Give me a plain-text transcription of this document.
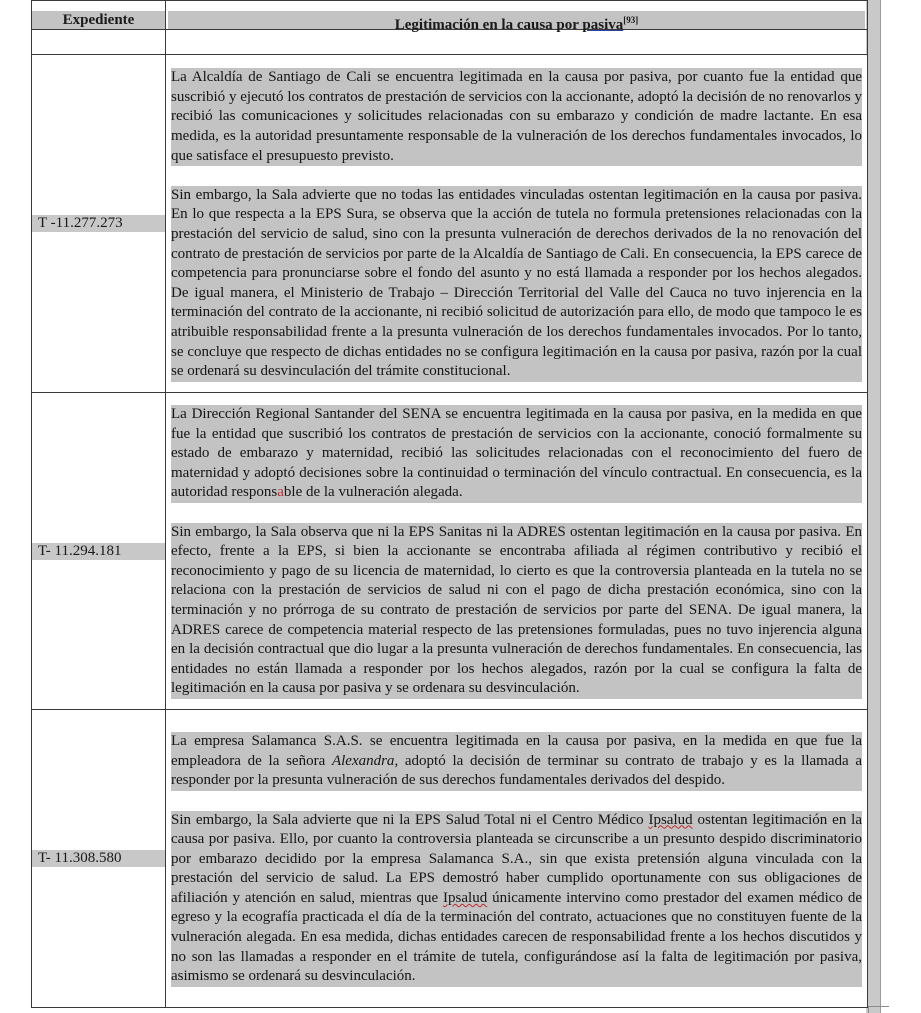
Expediente	Legitimación en la causa por pasiva[93]

T -11.277.273	La Alcaldía de Santiago de Cali se encuentra legitimada en la causa por pasiva, por cuanto fue la entidad que suscribió y ejecutó los contratos de prestación de servicios con la accionante, adoptó la decisión de no renovarlos y recibió las comunicaciones y solicitudes relacionadas con su embarazo y condición de madre lactante. En esa medida, es la autoridad presuntamente responsable de la vulneración de los derechos fundamentales invocados, lo que satisface el presupuesto previsto.

Sin embargo, la Sala advierte que no todas las entidades vinculadas ostentan legitimación en la causa por pasiva. En lo que respecta a la EPS Sura, se observa que la acción de tutela no formula pretensiones relacionadas con la prestación del servicio de salud, sino con la presunta vulneración de derechos derivados de la no renovación del contrato de prestación de servicios por parte de la Alcaldía de Santiago de Cali. En consecuencia, la EPS carece de competencia para pronunciarse sobre el fondo del asunto y no está llamada a responder por los hechos alegados. De igual manera, el Ministerio de Trabajo – Dirección Territorial del Valle del Cauca no tuvo injerencia en la terminación del contrato de la accionante, ni recibió solicitud de autorización para ello, de modo que tampoco le es atribuible responsabilidad frente a la presunta vulneración de los derechos fundamentales invocados. Por lo tanto, se concluye que respecto de dichas entidades no se configura legitimación en la causa por pasiva, razón por la cual se ordenará su desvinculación del trámite constitucional.

T- 11.294.181	La Dirección Regional Santander del SENA se encuentra legitimada en la causa por pasiva, en la medida en que fue la entidad que suscribió los contratos de prestación de servicios con la accionante, conoció formalmente su estado de embarazo y maternidad, recibió las solicitudes relacionadas con el reconocimiento del fuero de maternidad y adoptó decisiones sobre la continuidad o terminación del vínculo contractual. En consecuencia, es la autoridad responsable de la vulneración alegada.

Sin embargo, la Sala observa que ni la EPS Sanitas ni la ADRES ostentan legitimación en la causa por pasiva. En efecto, frente a la EPS, si bien la accionante se encontraba afiliada al régimen contributivo y recibió el reconocimiento y pago de su licencia de maternidad, lo cierto es que la controversia planteada en la tutela no se relaciona con la prestación de servicios de salud ni con el pago de dicha prestación económica, sino con la terminación y no prórroga de su contrato de prestación de servicios por parte del SENA. De igual manera, la ADRES carece de competencia material respecto de las pretensiones formuladas, pues no tuvo injerencia alguna en la decisión contractual que dio lugar a la presunta vulneración de derechos fundamentales. En consecuencia, las entidades no están llamada a responder por los hechos alegados, razón por la cual se configura la falta de legitimación en la causa por pasiva y se ordenara su desvinculación.

T- 11.308.580	La empresa Salamanca S.A.S. se encuentra legitimada en la causa por pasiva, en la medida en que fue la empleadora de la señora Alexandra, adoptó la decisión de terminar su contrato de trabajo y es la llamada a responder por la presunta vulneración de sus derechos fundamentales derivados del despido.

Sin embargo, la Sala advierte que ni la EPS Salud Total ni el Centro Médico Ipsalud ostentan legitimación en la causa por pasiva. Ello, por cuanto la controversia planteada se circunscribe a un presunto despido discriminatorio por embarazo decidido por la empresa Salamanca S.A., sin que exista pretensión alguna vinculada con la prestación del servicio de salud. La EPS demostró haber cumplido oportunamente con sus obligaciones de afiliación y atención en salud, mientras que Ipsalud únicamente intervino como prestador del examen médico de egreso y la ecografía practicada el día de la terminación del contrato, actuaciones que no constituyen fuente de la vulneración alegada. En esa medida, dichas entidades carecen de responsabilidad frente a los hechos discutidos y no son las llamadas a responder en el trámite de tutela, configurándose así la falta de legitimación por pasiva, asimismo se ordenará su desvinculación.
